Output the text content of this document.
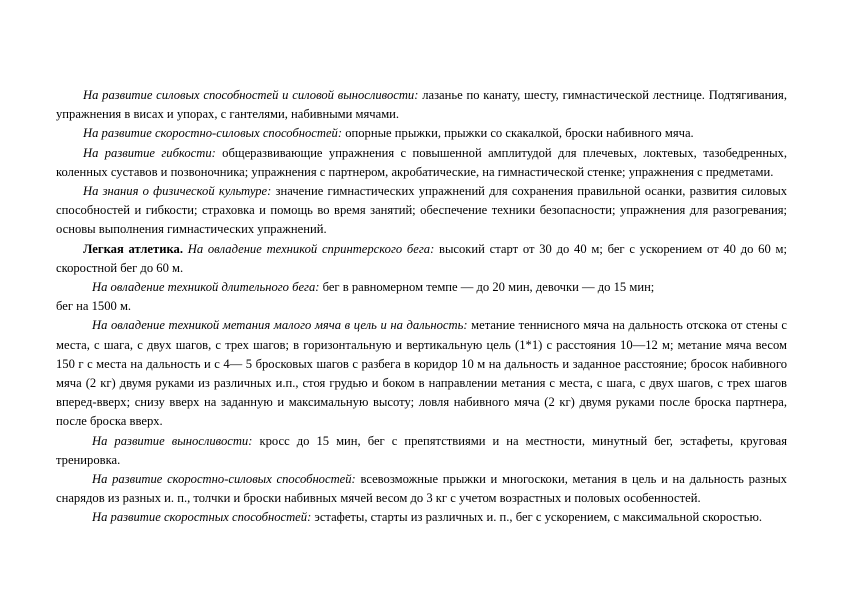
На развитие силовых способностей и силовой выносливости: лазанье по канату, шесту, гимнастической лестнице. Подтягивания, упражнения в висах и упорах, с гантелями, набивными мячами.

На развитие скоростно-силовых способностей: опорные прыжки, прыжки со скакалкой, броски набивного мяча.

На развитие гибкости: общеразвивающие упражнения с повышенной амплитудой для плечевых, локтевых, тазобедренных, коленных суставов и позвоночника; упражнения с партнером, акробатические, на гимнастической стенке; упражнения с предметами.

На знания о физической культуре: значение гимнастических упражнений для сохранения правильной осанки, развития силовых способностей и гибкости; страховка и помощь во время занятий; обеспечение техники безопасности; упражнения для разогревания; основы выполнения гимнастических упражнений.

Легкая атлетика. На овладение техникой спринтерского бега: высокий старт от 30 до 40 м; бег с ускорением от 40 до 60 м; скоростной бег до 60 м.

На овладение техникой длительного бега: бег в равномерном темпе — до 20 мин, девочки — до 15 мин;
бег на 1500 м.

На овладение техникой метания малого мяча в цель и на дальность: метание теннисного мяча на дальность отскока от стены с места, с шага, с двух шагов, с трех шагов; в горизонтальную и вертикальную цель (1*1) с расстояния 10—12 м; метание мяча весом 150 г с места на дальность и с 4— 5 бросковых шагов с разбега в коридор 10 м на дальность и заданное расстояние; бросок набивного мяча (2 кг) двумя руками из различных и.п., стоя грудью и боком в направлении метания с места, с шага, с двух шагов, с трех шагов вперед-вверх; снизу вверх на заданную и максимальную высоту; ловля набивного мяча (2 кг) двумя руками после броска партнера, после броска вверх.

На развитие выносливости: кросс до 15 мин, бег с препятствиями и на местности, минутный бег, эстафеты, круговая тренировка.

На развитие скоростно-силовых способностей: всевозможные прыжки и многоскоки, метания в цель и на дальность разных снарядов из разных и. п., толчки и броски набивных мячей весом до 3 кг с учетом возрастных и половых особенностей.

На развитие скоростных способностей: эстафеты, старты из различных и. п., бег с ускорением, с максимальной скоростью.
